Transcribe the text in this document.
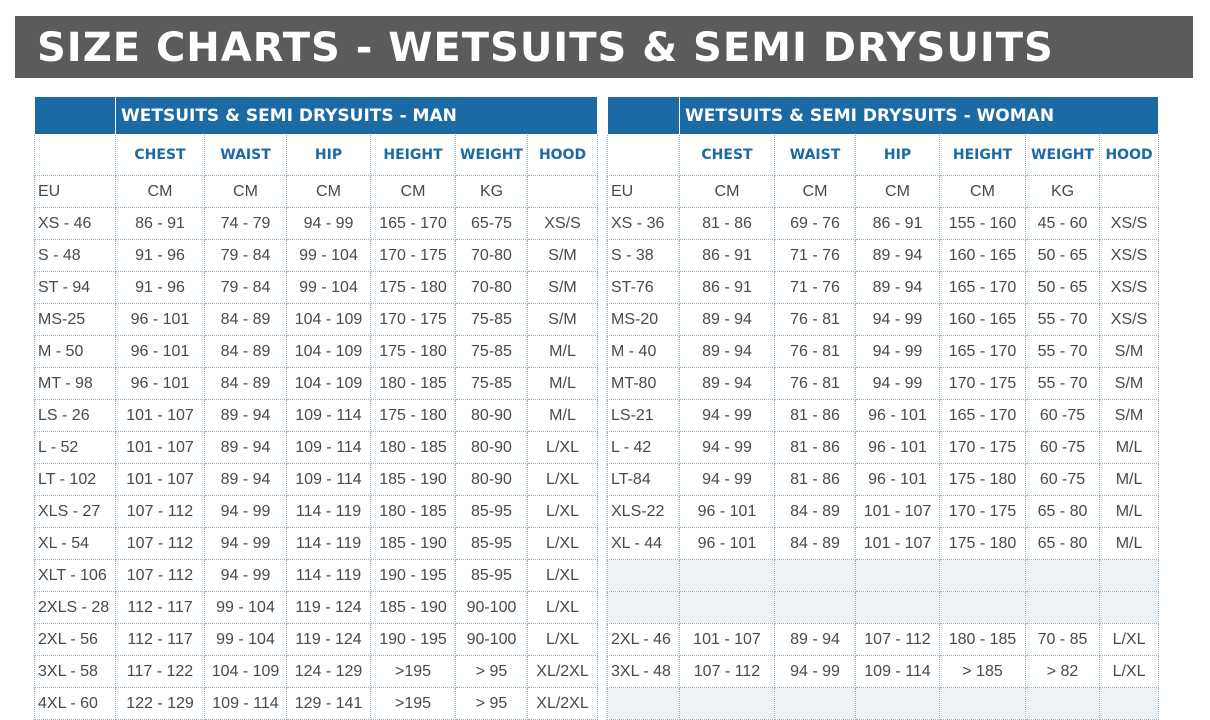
SIZE CHARTS - WETSUITS & SEMI DRYSUITS
	WETSUITS & SEMI DRYSUITS - MAN					
	CHEST	WAIST	HIP	HEIGHT	WEIGHT	HOOD
EU	CM	CM	CM	CM	KG	
XS - 46	86 - 91	74 - 79	94 - 99	165 - 170	65-75	XS/S
S - 48	91 - 96	79 - 84	99 - 104	170 - 175	70-80	S/M
ST - 94	91 - 96	79 - 84	99 - 104	175 - 180	70-80	S/M
MS-25	96 - 101	84 - 89	104 - 109	170 - 175	75-85	S/M
M - 50	96 - 101	84 - 89	104 - 109	175 - 180	75-85	M/L
MT - 98	96 - 101	84 - 89	104 - 109	180 - 185	75-85	M/L
LS - 26	101 - 107	89 - 94	109 - 114	175 - 180	80-90	M/L
L - 52	101 - 107	89 - 94	109 - 114	180 - 185	80-90	L/XL
LT - 102	101 - 107	89 - 94	109 - 114	185 - 190	80-90	L/XL
XLS - 27	107 - 112	94 - 99	114 - 119	180 - 185	85-95	L/XL
XL - 54	107 - 112	94 - 99	114 - 119	185 - 190	85-95	L/XL
XLT - 106	107 - 112	94 - 99	114 - 119	190 - 195	85-95	L/XL
2XLS - 28	112 - 117	99 - 104	119 - 124	185 - 190	90-100	L/XL
2XL - 56	112 - 117	99 - 104	119 - 124	190 - 195	90-100	L/XL
3XL - 58	117 - 122	104 - 109	124 - 129	>195	> 95	XL/2XL
4XL - 60	122 - 129	109 - 114	129 - 141	>195	> 95	XL/2XL
	WETSUITS & SEMI DRYSUITS - WOMAN					
	CHEST	WAIST	HIP	HEIGHT	WEIGHT	HOOD
EU	CM	CM	CM	CM	KG	
XS - 36	81 - 86	69 - 76	86 - 91	155 - 160	45 - 60	XS/S
S - 38	86 - 91	71 - 76	89 - 94	160 - 165	50 - 65	XS/S
ST-76	86 - 91	71 - 76	89 - 94	165 - 170	50 - 65	XS/S
MS-20	89 - 94	76 - 81	94 - 99	160 - 165	55 - 70	XS/S
M - 40	89 - 94	76 - 81	94 - 99	165 - 170	55 - 70	S/M
MT-80	89 - 94	76 - 81	94 - 99	170 - 175	55 - 70	S/M
LS-21	94 - 99	81 - 86	96 - 101	165 - 170	60 -75	S/M
L - 42	94 - 99	81 - 86	96 - 101	170 - 175	60 -75	M/L
LT-84	94 - 99	81 - 86	96 - 101	175 - 180	60 -75	M/L
XLS-22	96 - 101	84 - 89	101 - 107	170 - 175	65 - 80	M/L
XL - 44	96 - 101	84 - 89	101 - 107	175 - 180	65 - 80	M/L

2XL - 46	101 - 107	89 - 94	107 - 112	180 - 185	70 - 85	L/XL
3XL - 48	107 - 112	94 - 99	109 - 114	> 185	> 82	L/XL
